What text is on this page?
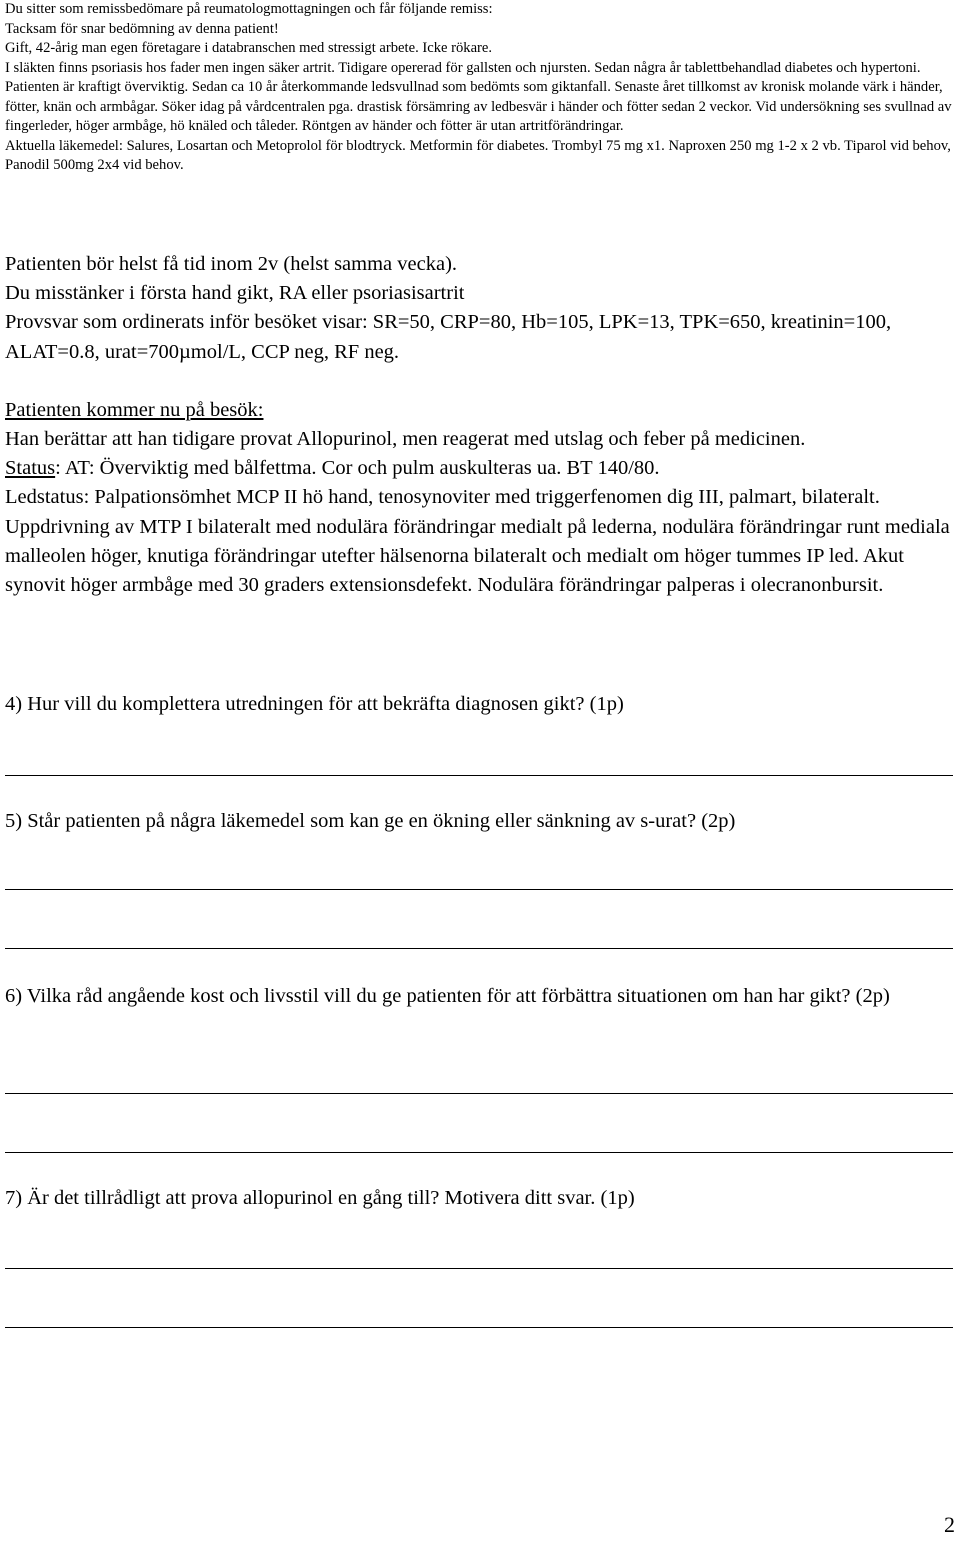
Du sitter som remissbedömare på reumatologmottagningen och får följande remiss:

Tacksam för snar bedömning av denna patient!

Gift, 42-årig man egen företagare i databranschen med stressigt arbete. Icke rökare.

I släkten finns psoriasis hos fader men ingen säker artrit. Tidigare opererad för gallsten och njursten. Sedan några år tablettbehandlad diabetes och hypertoni. Patienten är kraftigt överviktig. Sedan ca 10 år återkommande ledsvullnad som bedömts som giktanfall. Senaste året tillkomst av kronisk molande värk i händer, fötter, knän och armbågar. Söker idag på vårdcentralen pga. drastisk försämring av ledbesvär i händer och fötter sedan 2 veckor. Vid undersökning ses svullnad av fingerleder, höger armbåge, hö knäled och tåleder. Röntgen av händer och fötter är utan artritförändringar.

Aktuella läkemedel: Salures, Losartan och Metoprolol för blodtryck. Metformin för diabetes. Trombyl 75 mg x1. Naproxen 250 mg 1-2 x 2 vb. Tiparol vid behov, Panodil 500mg 2x4 vid behov.

Patienten bör helst få tid inom 2v (helst samma vecka).

Du misstänker i första hand gikt, RA eller psoriasisartrit

Provsvar som ordinerats inför besöket visar: SR=50, CRP=80, Hb=105, LPK=13, TPK=650, kreatinin=100, ALAT=0.8, urat=700µmol/L, CCP neg, RF neg.

Patienten kommer nu på besök:

Han berättar att han tidigare provat Allopurinol, men reagerat med utslag och feber på medicinen.

Status: AT: Överviktig med bålfettma. Cor och pulm auskulteras ua. BT 140/80.

Ledstatus: Palpationsömhet MCP II hö hand, tenosynoviter med triggerfenomen dig III, palmart, bilateralt. Uppdrivning av MTP I bilateralt med nodulära förändringar medialt på lederna, nodulära förändringar runt mediala malleolen höger, knutiga förändringar utefter hälsenorna bilateralt och medialt om höger tummes IP led. Akut synovit höger armbåge med 30 graders extensionsdefekt. Nodulära förändringar palperas i olecranonbursit.

4) Hur vill du komplettera utredningen för att bekräfta diagnosen gikt? (1p)

5) Står patienten på några läkemedel som kan ge en ökning eller sänkning av s-urat? (2p)

6) Vilka råd angående kost och livsstil vill du ge patienten för att förbättra situationen om han har gikt? (2p)

7) Är det tillrådligt att prova allopurinol en gång till? Motivera ditt svar. (1p)

2
